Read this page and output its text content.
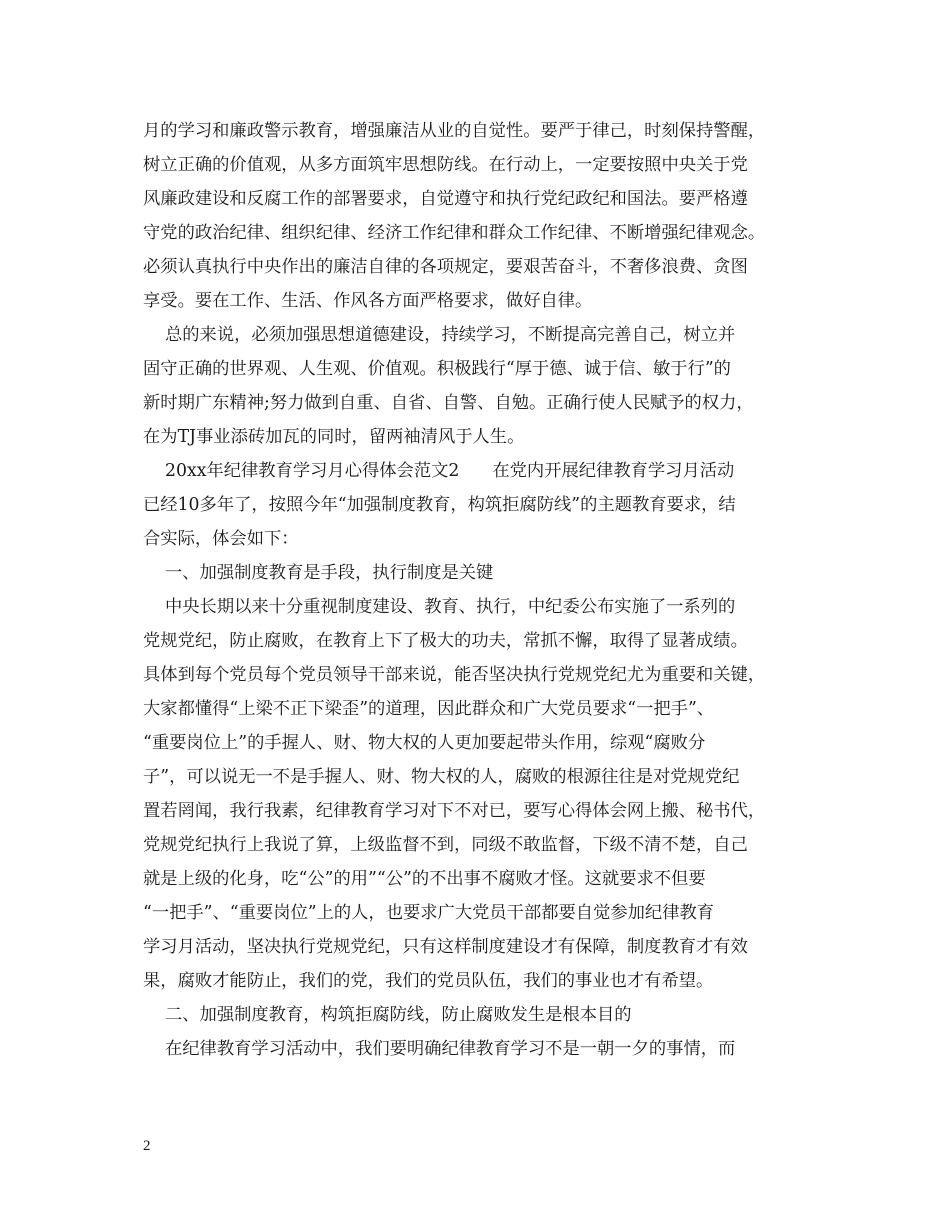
月的学习和廉政警示教育，增强廉洁从业的自觉性。要严于律己，时刻保持警醒，
树立正确的价值观，从多方面筑牢思想防线。在行动上，一定要按照中央关于党
风廉政建设和反腐工作的部署要求，自觉遵守和执行党纪政纪和国法。要严格遵
守党的政治纪律、组织纪律、经济工作纪律和群众工作纪律、不断增强纪律观念。
必须认真执行中央作出的廉洁自律的各项规定，要艰苦奋斗，不奢侈浪费、贪图
享受。要在工作、生活、作风各方面严格要求，做好自律。
总的来说，必须加强思想道德建设，持续学习，不断提高完善自己，树立并
固守正确的世界观、人生观、价值观。积极践行“厚于德、诚于信、敏于行”的
新时期广东精神;努力做到自重、自省、自警、自勉。正确行使人民赋予的权力，
在为TJ事业添砖加瓦的同时，留两袖清风于人生。
20xx年纪律教育学习月心得体会范文2      在党内开展纪律教育学习月活动
已经10多年了，按照今年“加强制度教育，构筑拒腐防线”的主题教育要求，结
合实际，体会如下：
一、加强制度教育是手段，执行制度是关键
中央长期以来十分重视制度建设、教育、执行，中纪委公布实施了一系列的
党规党纪，防止腐败，在教育上下了极大的功夫，常抓不懈，取得了显著成绩。
具体到每个党员每个党员领导干部来说，能否坚决执行党规党纪尤为重要和关键，
大家都懂得“上梁不正下梁歪”的道理，因此群众和广大党员要求“一把手”、
“重要岗位上”的手握人、财、物大权的人更加要起带头作用，综观“腐败分
子”，可以说无一不是手握人、财、物大权的人，腐败的根源往往是对党规党纪
置若罔闻，我行我素，纪律教育学习对下不对已，要写心得体会网上搬、秘书代，
党规党纪执行上我说了算，上级监督不到，同级不敢监督，下级不清不楚，自己
就是上级的化身，吃“公”的用”“公”的不出事不腐败才怪。这就要求不但要
“一把手”、“重要岗位”上的人，也要求广大党员干部都要自觉参加纪律教育
学习月活动，坚决执行党规党纪，只有这样制度建设才有保障，制度教育才有效
果，腐败才能防止，我们的党，我们的党员队伍，我们的事业也才有希望。
二、加强制度教育，构筑拒腐防线，防止腐败发生是根本目的
在纪律教育学习活动中，我们要明确纪律教育学习不是一朝一夕的事情，而
2
